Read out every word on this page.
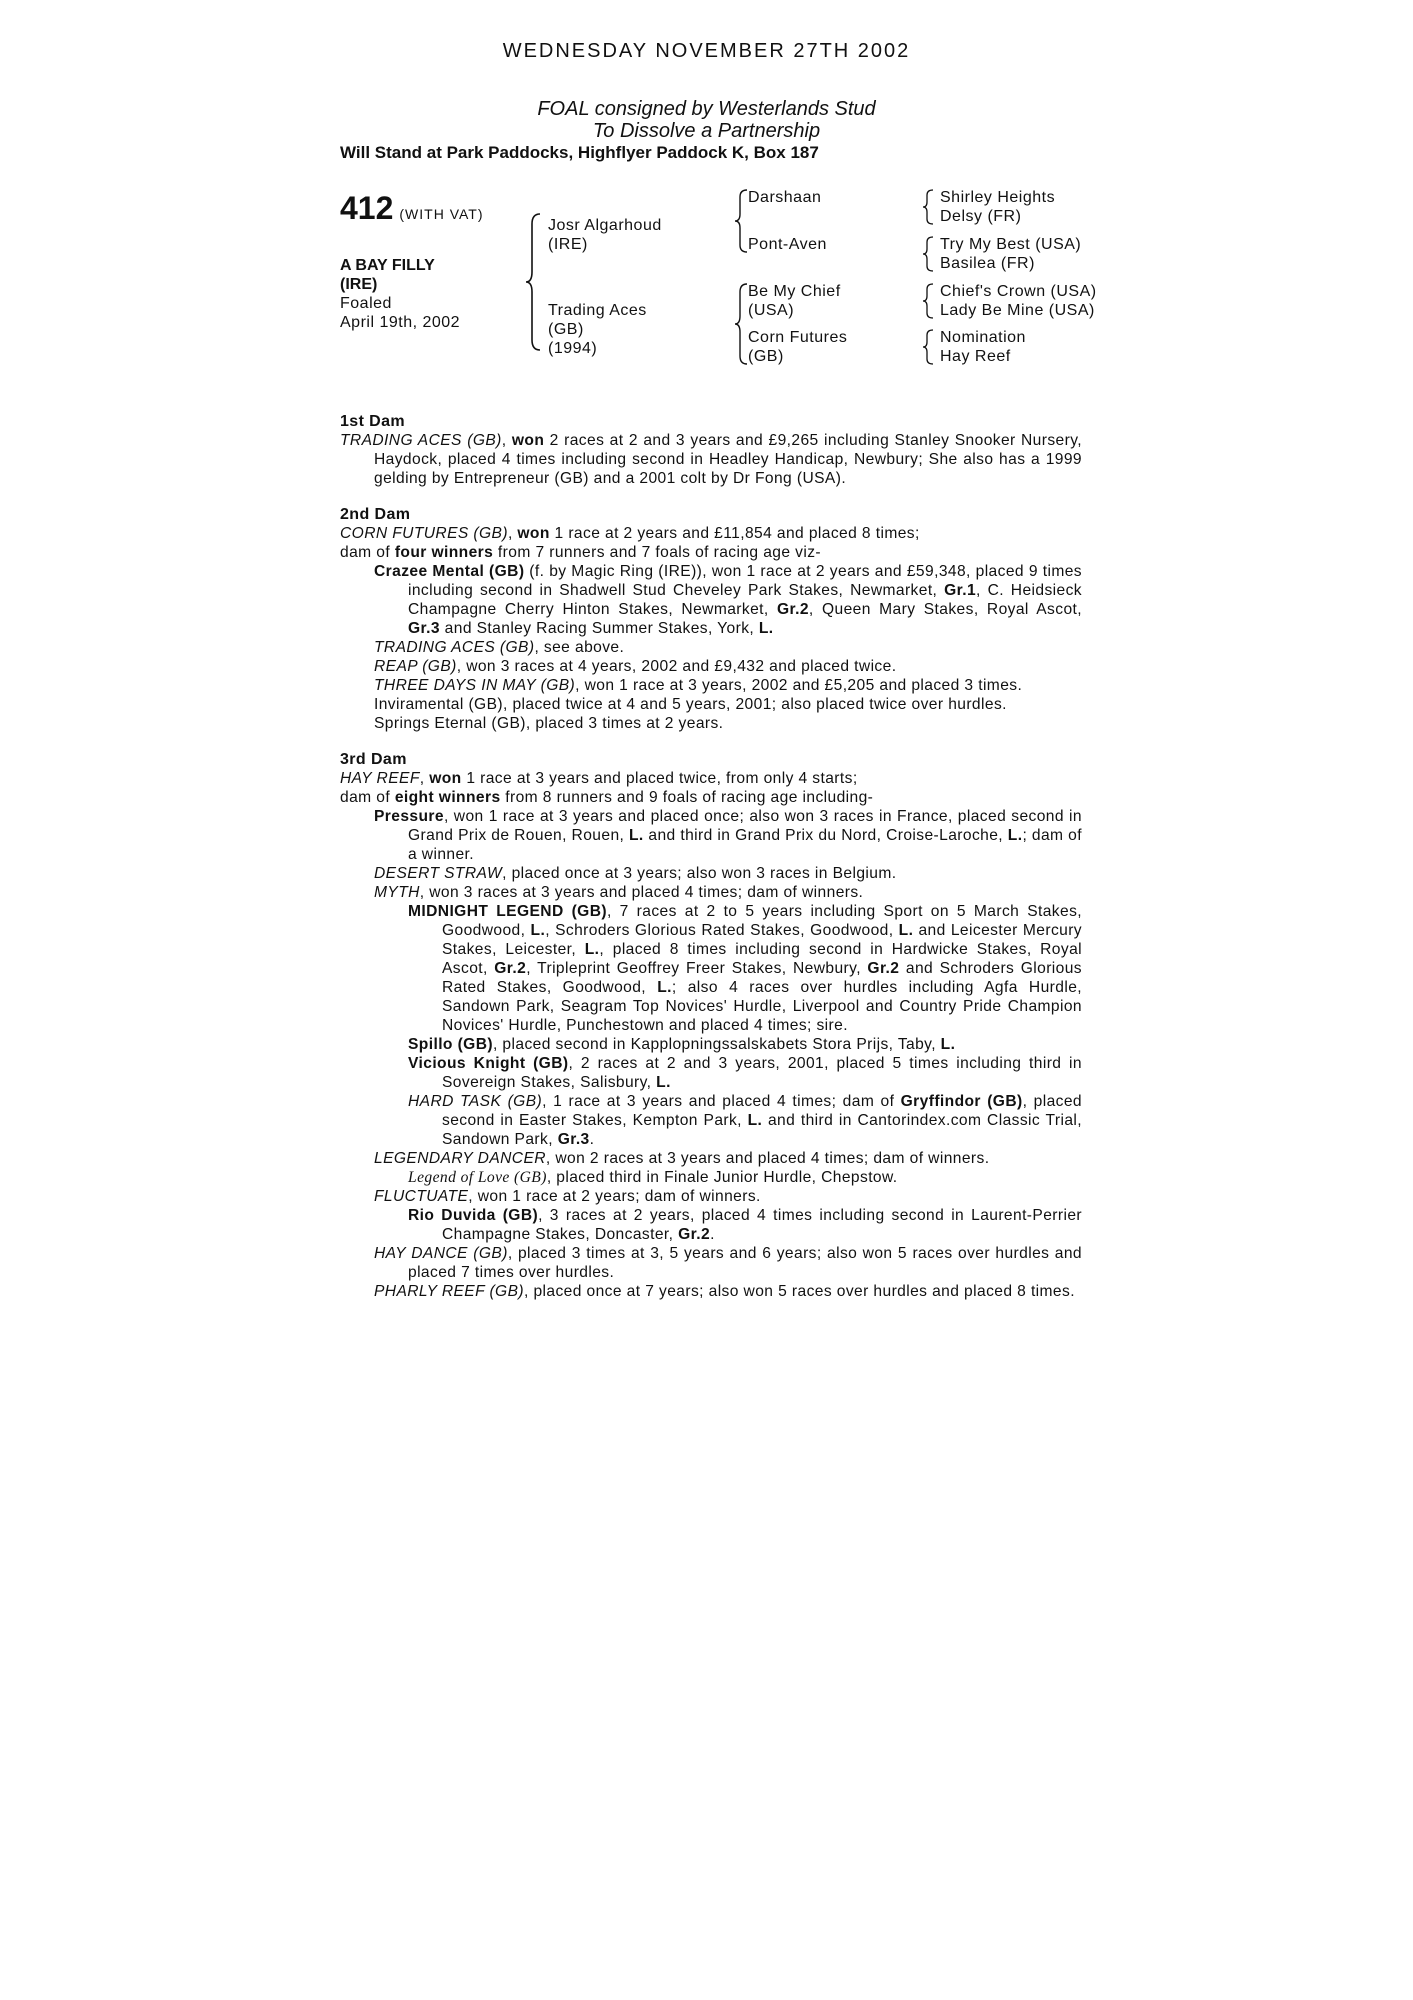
WEDNESDAY NOVEMBER 27TH 2002
FOAL consigned by Westerlands Stud
To Dissolve a Partnership
Will Stand at Park Paddocks, Highflyer Paddock K, Box 187
412 (WITH VAT)
A BAY FILLY
(IRE)
Foaled
April 19th, 2002
Josr Algarhoud
(IRE)
Trading Aces
(GB)
(1994)
Darshaan
Pont-Aven
Be My Chief
(USA)
Corn Futures
(GB)
Shirley Heights
Delsy (FR)
Try My Best (USA)
Basilea (FR)
Chief's Crown (USA)
Lady Be Mine (USA)
Nomination
Hay Reef
1st Dam
TRADING ACES (GB), won 2 races at 2 and 3 years and £9,265 including Stanley Snooker Nursery, Haydock, placed 4 times including second in Headley Handicap, Newbury; She also has a 1999 gelding by Entrepreneur (GB) and a 2001 colt by Dr Fong (USA).
2nd Dam
CORN FUTURES (GB), won 1 race at 2 years and £11,854 and placed 8 times;
dam of four winners from 7 runners and 7 foals of racing age viz-
Crazee Mental (GB) (f. by Magic Ring (IRE)), won 1 race at 2 years and £59,348, placed 9 times including second in Shadwell Stud Cheveley Park Stakes, Newmarket, Gr.1, C. Heidsieck Champagne Cherry Hinton Stakes, Newmarket, Gr.2, Queen Mary Stakes, Royal Ascot, Gr.3 and Stanley Racing Summer Stakes, York, L.
TRADING ACES (GB), see above.
REAP (GB), won 3 races at 4 years, 2002 and £9,432 and placed twice.
THREE DAYS IN MAY (GB), won 1 race at 3 years, 2002 and £5,205 and placed 3 times.
Inviramental (GB), placed twice at 4 and 5 years, 2001; also placed twice over hurdles.
Springs Eternal (GB), placed 3 times at 2 years.
3rd Dam
HAY REEF, won 1 race at 3 years and placed twice, from only 4 starts;
dam of eight winners from 8 runners and 9 foals of racing age including-
Pressure, won 1 race at 3 years and placed once; also won 3 races in France, placed second in Grand Prix de Rouen, Rouen, L. and third in Grand Prix du Nord, Croise-Laroche, L.; dam of a winner.
DESERT STRAW, placed once at 3 years; also won 3 races in Belgium.
MYTH, won 3 races at 3 years and placed 4 times; dam of winners.
MIDNIGHT LEGEND (GB), 7 races at 2 to 5 years including Sport on 5 March Stakes, Goodwood, L., Schroders Glorious Rated Stakes, Goodwood, L. and Leicester Mercury Stakes, Leicester, L., placed 8 times including second in Hardwicke Stakes, Royal Ascot, Gr.2, Tripleprint Geoffrey Freer Stakes, Newbury, Gr.2 and Schroders Glorious Rated Stakes, Goodwood, L.; also 4 races over hurdles including Agfa Hurdle, Sandown Park, Seagram Top Novices' Hurdle, Liverpool and Country Pride Champion Novices' Hurdle, Punchestown and placed 4 times; sire.
Spillo (GB), placed second in Kapplopningssalskabets Stora Prijs, Taby, L.
Vicious Knight (GB), 2 races at 2 and 3 years, 2001, placed 5 times including third in Sovereign Stakes, Salisbury, L.
HARD TASK (GB), 1 race at 3 years and placed 4 times; dam of Gryffindor (GB), placed second in Easter Stakes, Kempton Park, L. and third in Cantorindex.com Classic Trial, Sandown Park, Gr.3.
LEGENDARY DANCER, won 2 races at 3 years and placed 4 times; dam of winners.
Legend of Love (GB), placed third in Finale Junior Hurdle, Chepstow.
FLUCTUATE, won 1 race at 2 years; dam of winners.
Rio Duvida (GB), 3 races at 2 years, placed 4 times including second in Laurent-Perrier Champagne Stakes, Doncaster, Gr.2.
HAY DANCE (GB), placed 3 times at 3, 5 years and 6 years; also won 5 races over hurdles and placed 7 times over hurdles.
PHARLY REEF (GB), placed once at 7 years; also won 5 races over hurdles and placed 8 times.
